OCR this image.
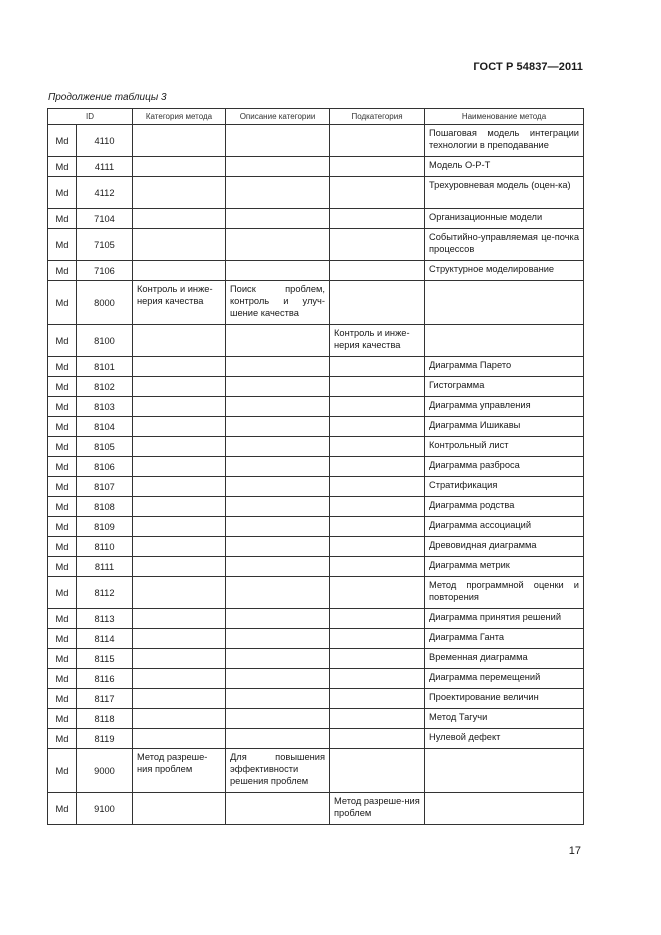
ГОСТ Р 54837—2011
Продолжение таблицы 3
ID		Категория метода	Описание категории	Подкатегория	Наименование метода
Md	4110				Пошаговая модель интеграции технологии в преподавание
Md	4111				Модель О-Р-Т
Md	4112				Трехуровневая модель (оцен-ка)
Md	7104				Организационные модели
Md	7105				Событийно-управляемая це-почка процессов
Md	7106				Структурное моделирование
Md	8000	Контроль и инже-нерия качества	Поиск проблем, контроль и улуч-шение качества		
Md	8100			Контроль и инже-нерия качества	
Md	8101				Диаграмма Парето
Md	8102				Гистограмма
Md	8103				Диаграмма управления
Md	8104				Диаграмма Ишикавы
Md	8105				Контрольный лист
Md	8106				Диаграмма разброса
Md	8107				Стратификация
Md	8108				Диаграмма родства
Md	8109				Диаграмма ассоциаций
Md	8110				Древовидная диаграмма
Md	8111				Диаграмма метрик
Md	8112				Метод программной оценки и повторения
Md	8113				Диаграмма принятия решений
Md	8114				Диаграмма Ганта
Md	8115				Временная диаграмма
Md	8116				Диаграмма перемещений
Md	8117				Проектирование величин
Md	8118				Метод Тагучи
Md	8119				Нулевой дефект
Md	9000	Метод разреше-ния проблем	Для повышения эффективности решения проблем		
Md	9100			Метод разреше-ния проблем	
17
